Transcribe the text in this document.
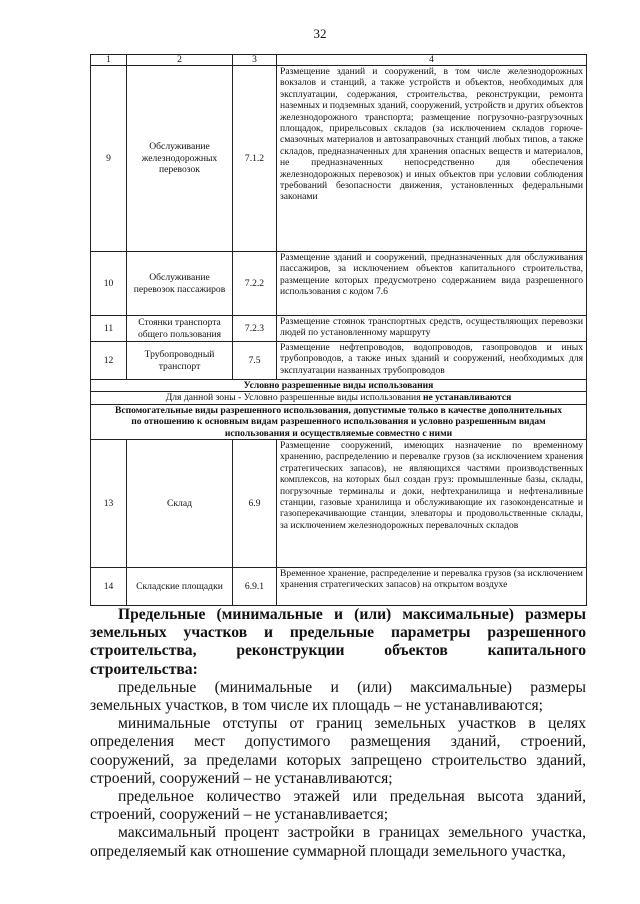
32
1	2	3	4
9	Обслуживание железнодорожных перевозок	7.1.2	Размещение зданий и сооружений, в том числе железнодорожных вокзалов и станций, а также устройств и объектов, необходимых для эксплуатации, содержания, строительства, реконструкции, ремонта наземных и подземных зданий, сооружений, устройств и других объектов железнодорожного транспорта; размещение погрузочно-разгрузочных площадок, прирельсовых складов (за исключением складов горюче-смазочных материалов и автозаправочных станций любых типов, а также складов, предназначенных для хранения опасных веществ и материалов, не предназначенных непосредственно для обеспечения железнодорожных перевозок) и иных объектов при условии соблюдения требований безопасности движения, установленных федеральными законами
10	Обслуживание перевозок пассажиров	7.2.2	Размещение зданий и сооружений, предназначенных для обслуживания пассажиров, за исключением объектов капитального строительства, размещение которых предусмотрено содержанием вида разрешенного использования с кодом 7.6
11	Стоянки транспорта общего пользования	7.2.3	Размещение стоянок транспортных средств, осуществляющих перевозки людей по установленному маршруту
12	Трубопроводный транспорт	7.5	Размещение нефтепроводов, водопроводов, газопроводов и иных трубопроводов, а также иных зданий и сооружений, необходимых для эксплуатации названных трубопроводов
Условно разрешенные виды использования			
Для данной зоны - Условно разрешенные виды использования не устанавливаются			
Вспомогательные виды разрешенного использования, допустимые только в качестве дополнительных по отношению к основным видам разрешенного использования и условно разрешенным видам использования и осуществляемые совместно с ними			
13	Склад	6.9	Размещение сооружений, имеющих назначение по временному хранению, распределению и перевалке грузов (за исключением хранения стратегических запасов), не являющихся частями производственных комплексов, на которых был создан груз: промышленные базы, склады, погрузочные терминалы и доки, нефтехранилища и нефтеналивные станции, газовые хранилища и обслуживающие их газоконденсатные и газоперекачивающие станции, элеваторы и продовольственные склады, за исключением железнодорожных перевалочных складов
14	Складские площадки	6.9.1	Временное хранение, распределение и перевалка грузов (за исключением хранения стратегических запасов) на открытом воздухе

Предельные (минимальные и (или) максимальные) размеры земельных участков и предельные параметры разрешенного строительства, реконструкции объектов капитального строительства:

предельные (минимальные и (или) максимальные) размеры земельных участков, в том числе их площадь – не устанавливаются;

минимальные отступы от границ земельных участков в целях определения мест допустимого размещения зданий, строений, сооружений, за пределами которых запрещено строительство зданий, строений, сооружений – не устанавливаются;

предельное количество этажей или предельная высота зданий, строений, сооружений – не устанавливается;

максимальный процент застройки в границах земельного участка, определяемый как отношение суммарной площади земельного участка,
